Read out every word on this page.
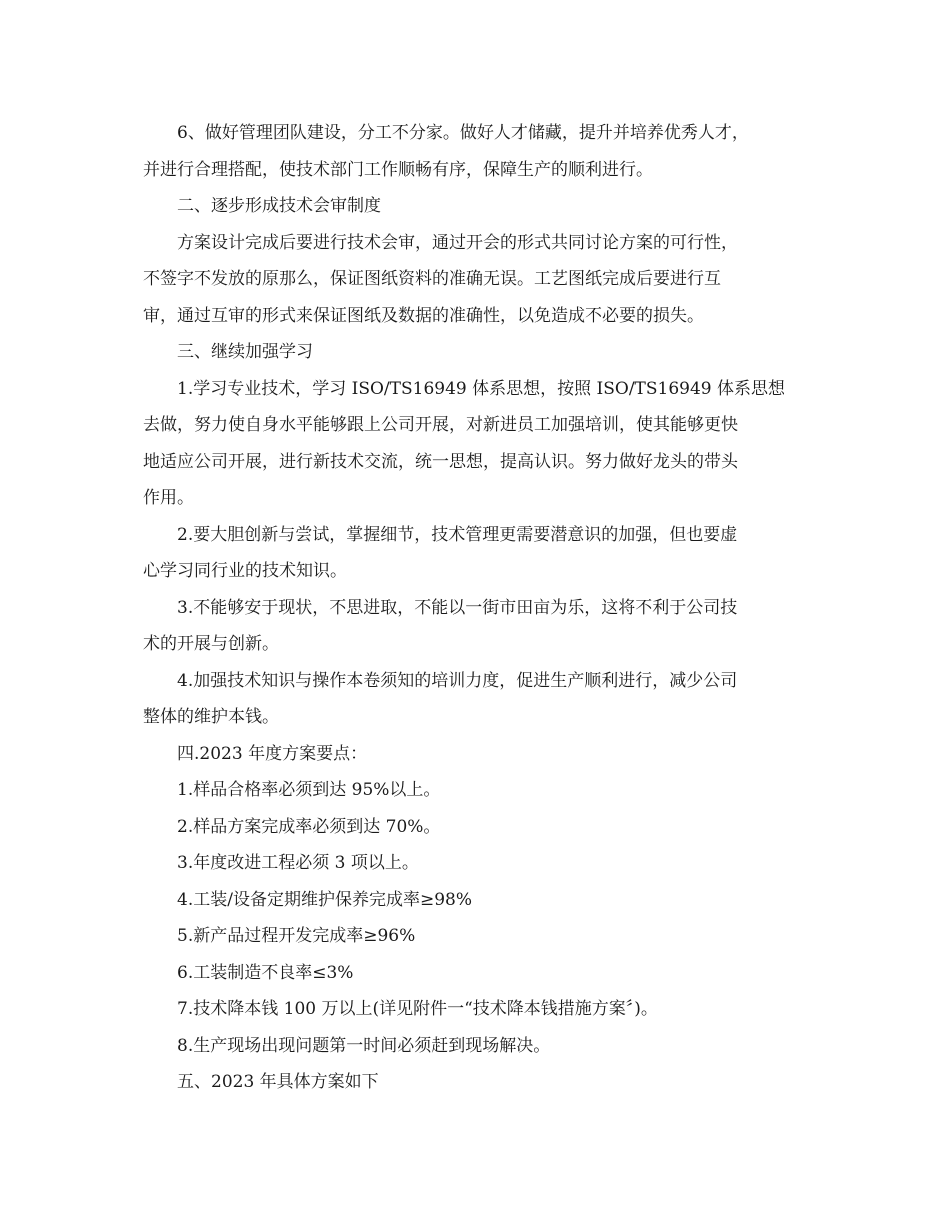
6、做好管理团队建设，分工不分家。做好人才储藏，提升并培养优秀人才，
并进行合理搭配，使技术部门工作顺畅有序，保障生产的顺利进行。
二、逐步形成技术会审制度
方案设计完成后要进行技术会审，通过开会的形式共同讨论方案的可行性，
不签字不发放的原那么，保证图纸资料的准确无误。工艺图纸完成后要进行互
审，通过互审的形式来保证图纸及数据的准确性，以免造成不必要的损失。
三、继续加强学习
1.学习专业技术，学习 ISO/TS16949 体系思想，按照 ISO/TS16949 体系思想
去做，努力使自身水平能够跟上公司开展，对新进员工加强培训，使其能够更快
地适应公司开展，进行新技术交流，统一思想，提高认识。努力做好龙头的带头
作用。
2.要大胆创新与尝试，掌握细节，技术管理更需要潜意识的加强，但也要虚
心学习同行业的技术知识。
3.不能够安于现状，不思进取，不能以一街市田亩为乐，这将不利于公司技
术的开展与创新。
4.加强技术知识与操作本卷须知的培训力度，促进生产顺利进行，减少公司
整体的维护本钱。
四.2023 年度方案要点：
1.样品合格率必须到达 95%以上。
2.样品方案完成率必须到达 70%。
3.年度改进工程必须 3 项以上。
4.工装/设备定期维护保养完成率≥98%
5.新产品过程开发完成率≥96%
6.工装制造不良率≤3%
7.技术降本钱 100 万以上(详见附件一“技术降本钱措施方案〞)。
8.生产现场出现问题第一时间必须赶到现场解决。
五、2023 年具体方案如下
